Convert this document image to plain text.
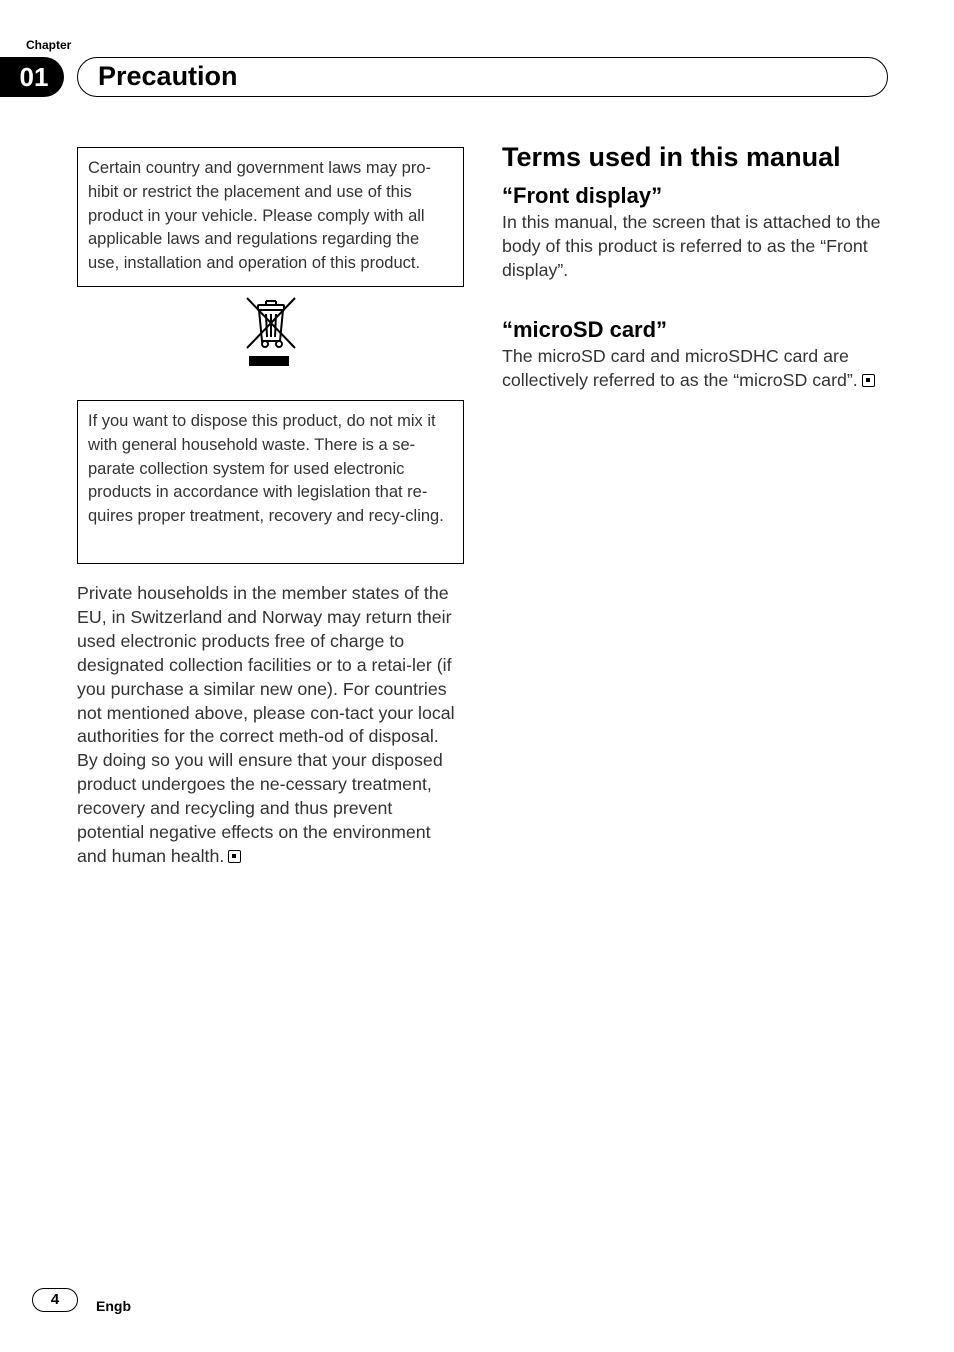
Chapter
01	Precaution
Certain country and government laws may pro-hibit or restrict the placement and use of this product in your vehicle. Please comply with all applicable laws and regulations regarding the use, installation and operation of this product.
If you want to dispose this product, do not mix it with general household waste. There is a se-parate collection system for used electronic products in accordance with legislation that re-quires proper treatment, recovery and recy-cling.

Private households in the member states of the EU, in Switzerland and Norway may return their used electronic products free of charge to designated collection facilities or to a retai-ler (if you purchase a similar new one). For countries not mentioned above, please con-tact your local authorities for the correct meth-od of disposal. By doing so you will ensure that your disposed product undergoes the ne-cessary treatment, recovery and recycling and thus prevent potential negative effects on the environment and human health.

Terms used in this manual
“Front display”

In this manual, the screen that is attached to the body of this product is referred to as the “Front display”.

“microSD card”

The microSD card and microSDHC card are collectively referred to as the “microSD card”.

4	Engb
